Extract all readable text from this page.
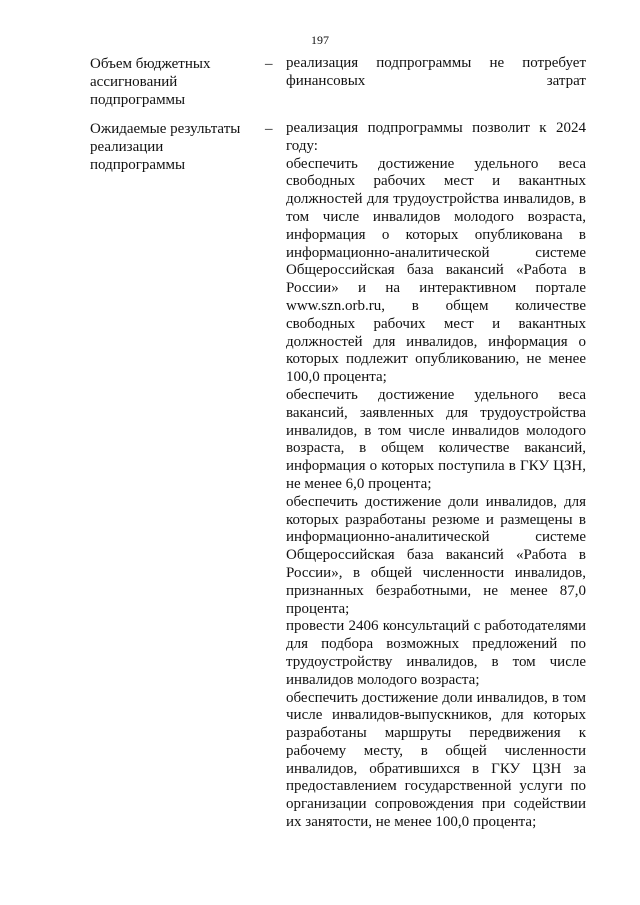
197
Объем бюджетных ассигнований подпрограммы
– реализация подпрограммы не потребует финансовых затрат

Ожидаемые результаты реализации подпрограммы
– реализация подпрограммы позволит к 2024 году:

обеспечить достижение удельного веса свободных рабочих мест и вакантных должностей для трудоустройства инвалидов, в том числе инвалидов молодого возраста, информация о которых опубликована в информационно-аналитической системе Общероссийская база вакансий «Работа в России» и на интерактивном портале www.szn.orb.ru, в общем количестве свободных рабочих мест и вакантных должностей для инвалидов, информация о которых подлежит опубликованию, не менее 100,0 процента;

обеспечить достижение удельного веса вакансий, заявленных для трудоустройства инвалидов, в том числе инвалидов молодого возраста, в общем количестве вакансий, информация о которых поступила в ГКУ ЦЗН, не менее 6,0 процента;

обеспечить достижение доли инвалидов, для которых разработаны резюме и размещены в информационно-аналитической системе Общероссийская база вакансий «Работа в России», в общей численности инвалидов, признанных безработными, не менее 87,0 процента;

провести 2406 консультаций с работодателями для подбора возможных предложений по трудоустройству инвалидов, в том числе инвалидов молодого возраста;

обеспечить достижение доли инвалидов, в том числе инвалидов-выпускников, для которых разработаны маршруты передвижения к рабочему месту, в общей численности инвалидов, обратившихся в ГКУ ЦЗН за предоставлением государственной услуги по организации сопровождения при содействии их занятости, не менее 100,0 процента;
